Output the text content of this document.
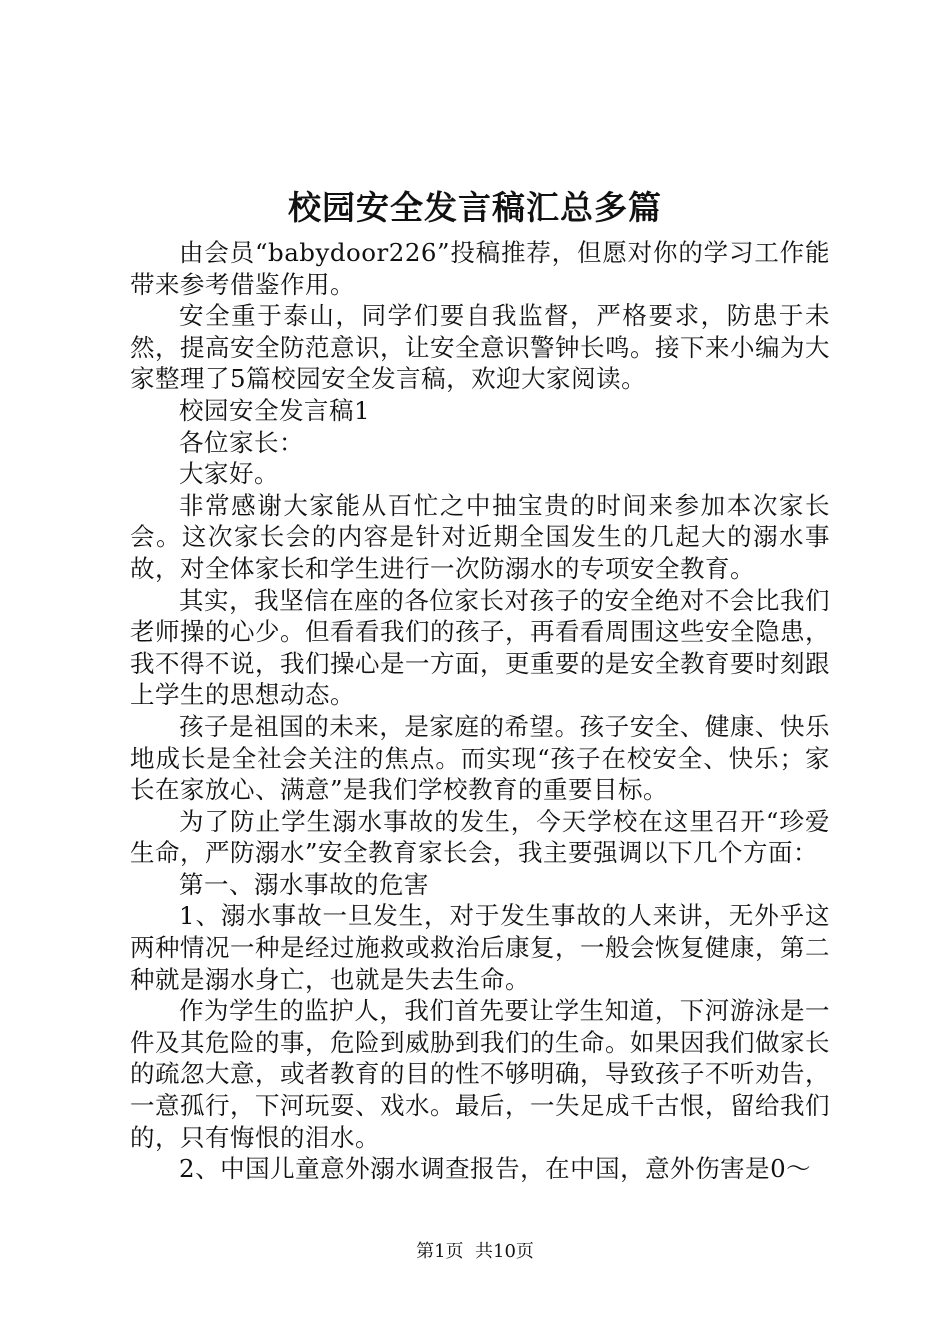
校园安全发言稿汇总多篇

由会员“babydoor226”投稿推荐，但愿对你的学习工作能带来参考借鉴作用。

安全重于泰山，同学们要自我监督，严格要求，防患于未然，提高安全防范意识，让安全意识警钟长鸣。接下来小编为大家整理了5篇校园安全发言稿，欢迎大家阅读。

校园安全发言稿1

各位家长：

大家好。

非常感谢大家能从百忙之中抽宝贵的时间来参加本次家长会。这次家长会的内容是针对近期全国发生的几起大的溺水事故，对全体家长和学生进行一次防溺水的专项安全教育。

其实，我坚信在座的各位家长对孩子的安全绝对不会比我们老师操的心少。但看看我们的孩子，再看看周围这些安全隐患，我不得不说，我们操心是一方面，更重要的是安全教育要时刻跟上学生的思想动态。

孩子是祖国的未来，是家庭的希望。孩子安全、健康、快乐地成长是全社会关注的焦点。而实现“孩子在校安全、快乐；家长在家放心、满意”是我们学校教育的重要目标。

为了防止学生溺水事故的发生，今天学校在这里召开“珍爱生命，严防溺水”安全教育家长会，我主要强调以下几个方面：

第一、溺水事故的危害

1、溺水事故一旦发生，对于发生事故的人来讲，无外乎这两种情况一种是经过施救或救治后康复，一般会恢复健康，第二种就是溺水身亡，也就是失去生命。

作为学生的监护人，我们首先要让学生知道，下河游泳是一件及其危险的事，危险到威胁到我们的生命。如果因我们做家长的疏忽大意，或者教育的目的性不够明确，导致孩子不听劝告，一意孤行，下河玩耍、戏水。最后，一失足成千古恨，留给我们的，只有悔恨的泪水。

2、中国儿童意外溺水调查报告，在中国，意外伤害是0～

第1页 共10页
